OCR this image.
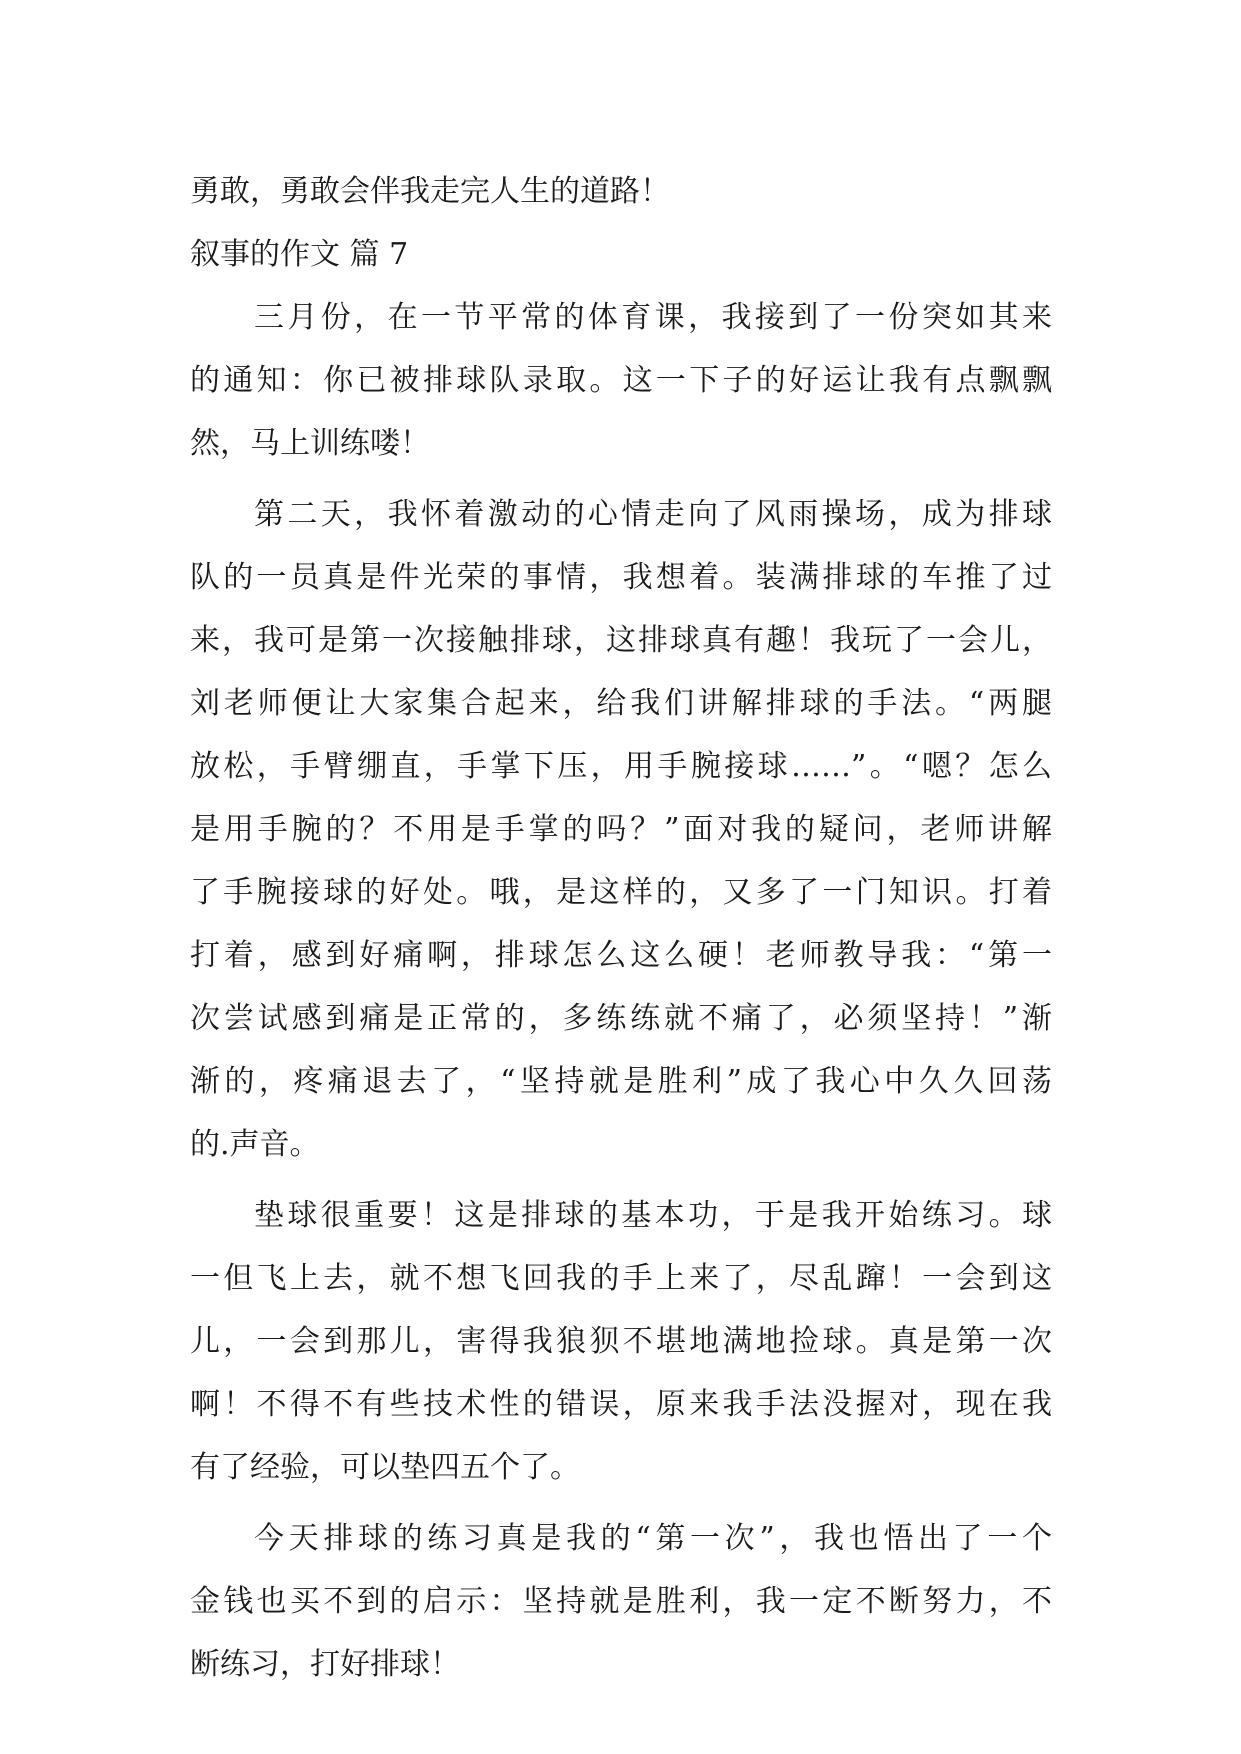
勇敢，勇敢会伴我走完人生的道路！
叙事的作文 篇 7
三月份，在一节平常的体育课，我接到了一份突如其来
的通知：你已被排球队录取。这一下子的好运让我有点飘飘
然，马上训练喽！
第二天，我怀着激动的心情走向了风雨操场，成为排球
队的一员真是件光荣的事情，我想着。装满排球的车推了过
来，我可是第一次接触排球，这排球真有趣！我玩了一会儿，
刘老师便让大家集合起来，给我们讲解排球的手法。“两腿
放松，手臂绷直，手掌下压，用手腕接球……”。“嗯？怎么
是用手腕的？不用是手掌的吗？”面对我的疑问，老师讲解
了手腕接球的好处。哦，是这样的，又多了一门知识。打着
打着，感到好痛啊，排球怎么这么硬！老师教导我：“第一
次尝试感到痛是正常的，多练练就不痛了，必须坚持！”渐
渐的，疼痛退去了，“坚持就是胜利”成了我心中久久回荡
的.声音。
垫球很重要！这是排球的基本功，于是我开始练习。球
一但飞上去，就不想飞回我的手上来了，尽乱蹿！一会到这
儿，一会到那儿，害得我狼狈不堪地满地捡球。真是第一次
啊！不得不有些技术性的错误，原来我手法没握对，现在我
有了经验，可以垫四五个了。
今天排球的练习真是我的“第一次”，我也悟出了一个
金钱也买不到的启示：坚持就是胜利，我一定不断努力，不
断练习，打好排球！
